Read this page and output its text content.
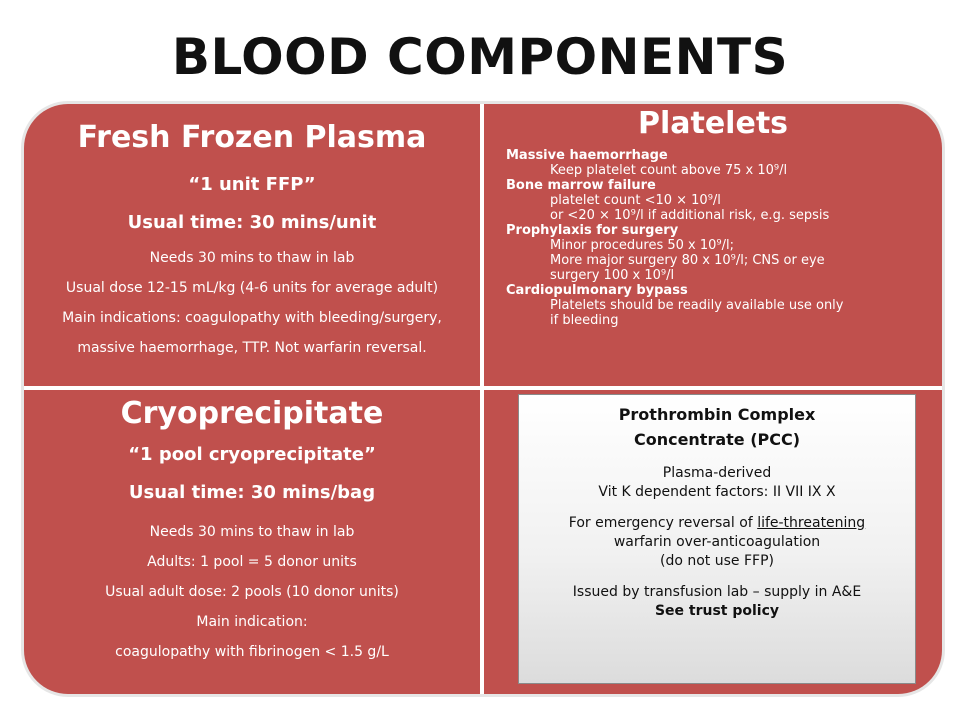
BLOOD COMPONENTS
Fresh Frozen Plasma
“1 unit FFP”
Usual time: 30 mins/unit
Needs 30 mins to thaw in lab
Usual dose 12-15 mL/kg (4-6 units for average adult)
Main indications: coagulopathy with bleeding/surgery,
massive haemorrhage, TTP. Not warfarin reversal.
Platelets
Massive haemorrhage
Keep platelet count above 75 x 10⁹/l
Bone marrow failure
platelet count <10 × 10⁹/l
or <20 × 10⁹/l if additional risk, e.g. sepsis
Prophylaxis for surgery
Minor procedures 50 x 10⁹/l;
More major surgery 80 x 10⁹/l; CNS or eye
surgery 100 x 10⁹/l
Cardiopulmonary bypass
Platelets should be readily available use only
if bleeding
Cryoprecipitate
“1 pool cryoprecipitate”
Usual time: 30 mins/bag
Needs 30 mins to thaw in lab
Adults: 1 pool = 5 donor units
Usual adult dose: 2 pools (10 donor units)
Main indication:
coagulopathy with fibrinogen < 1.5 g/L
Prothrombin Complex
Concentrate (PCC)
Plasma-derived
Vit K dependent factors: II VII IX X
For emergency reversal of life-threatening
warfarin over-anticoagulation
(do not use FFP)
Issued by transfusion lab – supply in A&E
See trust policy
